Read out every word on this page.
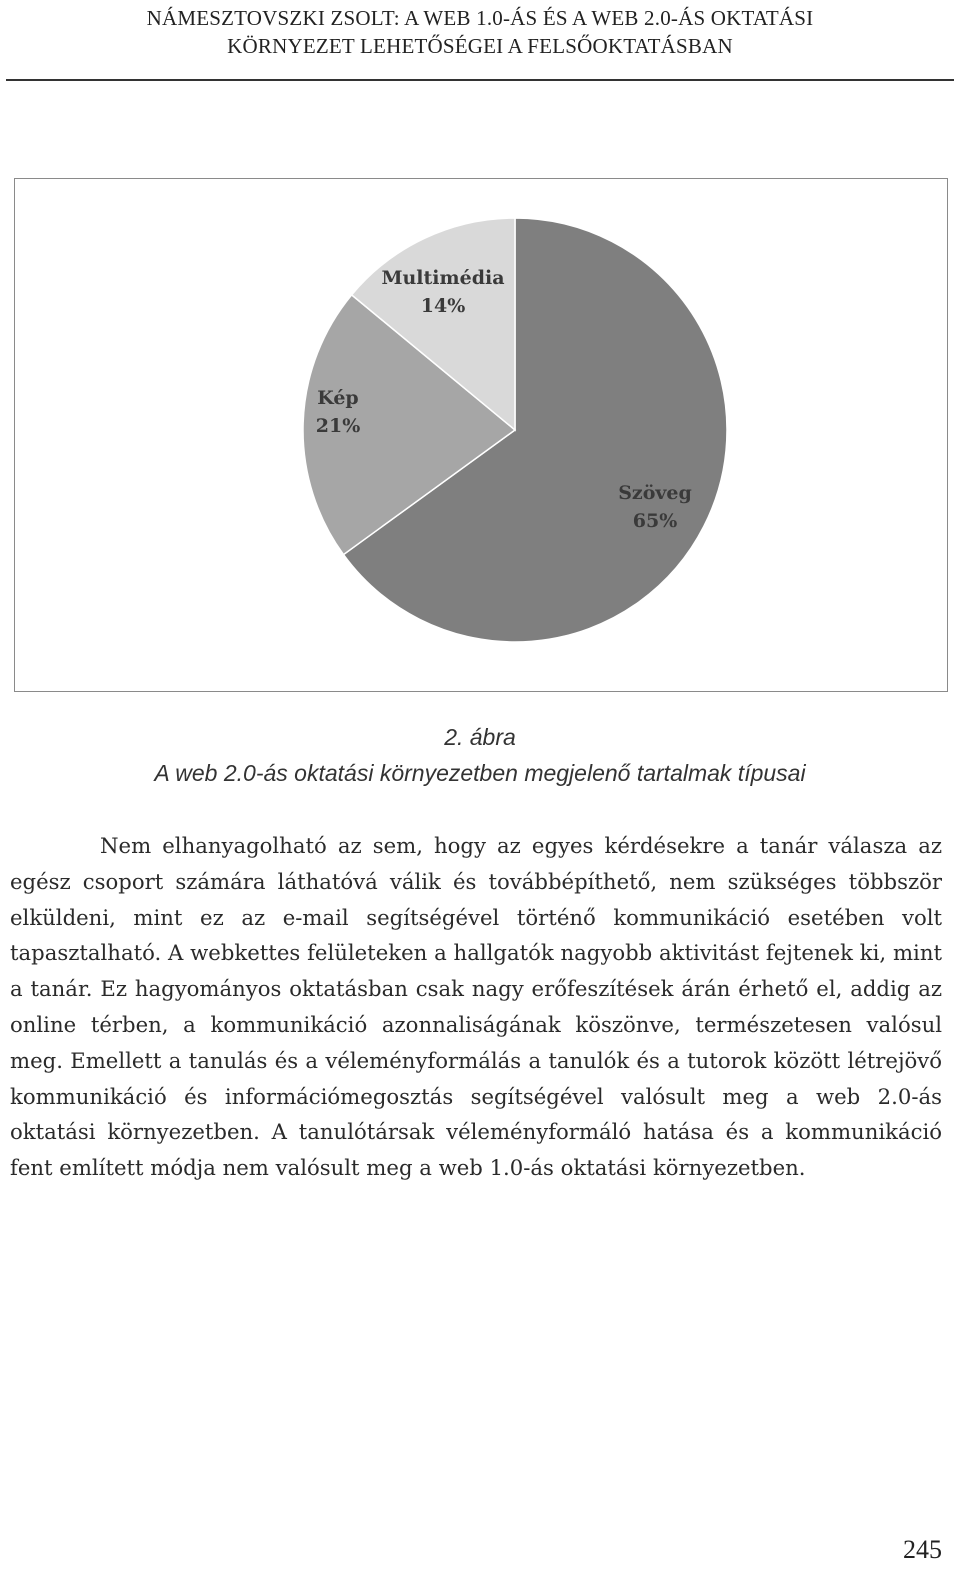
NÁMESZTOVSZKI ZSOLT: A WEB 1.0-ÁS ÉS A WEB 2.0-ÁS OKTATÁSI
KÖRNYEZET LEHETŐSÉGEI A FELSŐOKTATÁSBAN
Szöveg
65%
Kép
21%
Multimédia
14%
2. ábra
A web 2.0-ás oktatási környezetben megjelenő tartalmak típusai

Nem elhanyagolható az sem, hogy az egyes kérdésekre a tanár válasza az egész csoport számára láthatóvá válik és továbbépíthető, nem szükséges többször elküldeni, mint ez az e-mail segítségével történő kommunikáció esetében volt tapasztalható. A webkettes felületeken a hallgatók nagyobb aktivitást fejtenek ki, mint a tanár. Ez hagyományos oktatásban csak nagy erőfeszítések árán érhető el, addig az online térben, a kommunikáció azonnaliságának köszönve, természetesen valósul meg. Emellett a tanulás és a véleményformálás a tanulók és a tutorok között létrejövő kommunikáció és információmegosztás segítségével valósult meg a web 2.0-ás oktatási környezetben. A tanulótársak véleményformáló hatása és a kommunikáció fent említett módja nem valósult meg a web 1.0-ás oktatási környezetben.

245
